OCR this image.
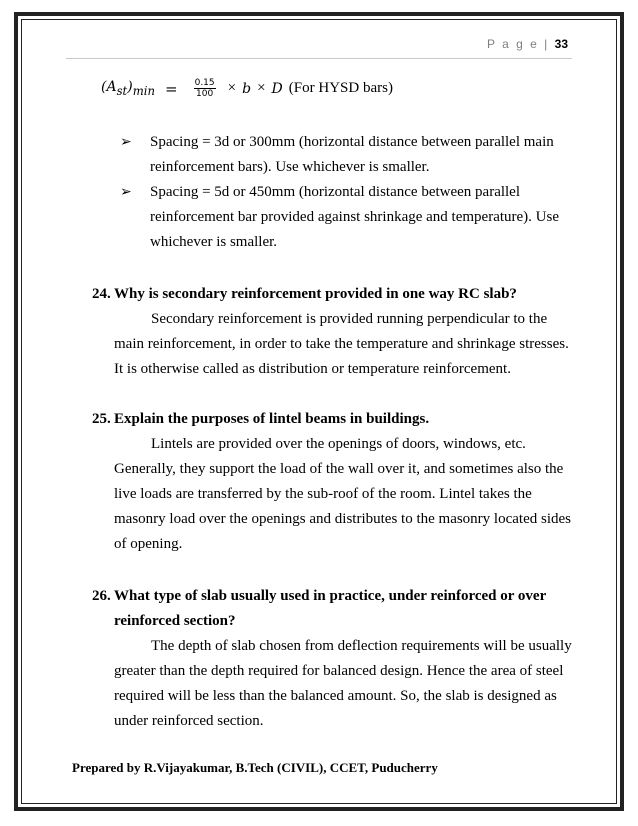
P a g e | 33
$(A_{st})_{min} = \frac{0.15}{100} \times b \times D$ (For HYSD bars)
➢ Spacing = 3d or 300mm (horizontal distance between parallel main reinforcement bars). Use whichever is smaller.
➢ Spacing = 5d or 450mm (horizontal distance between parallel reinforcement bar provided against shrinkage and temperature). Use whichever is smaller.
24. Why is secondary reinforcement provided in one way RC slab?
Secondary reinforcement is provided running perpendicular to the main reinforcement, in order to take the temperature and shrinkage stresses. It is otherwise called as distribution or temperature reinforcement.
25. Explain the purposes of lintel beams in buildings.
Lintels are provided over the openings of doors, windows, etc. Generally, they support the load of the wall over it, and sometimes also the live loads are transferred by the sub-roof of the room. Lintel takes the masonry load over the openings and distributes to the masonry located sides of opening.
26. What type of slab usually used in practice, under reinforced or over reinforced section?
The depth of slab chosen from deflection requirements will be usually greater than the depth required for balanced design. Hence the area of steel required will be less than the balanced amount. So, the slab is designed as under reinforced section.
Prepared by R.Vijayakumar, B.Tech (CIVIL), CCET, Puducherry
